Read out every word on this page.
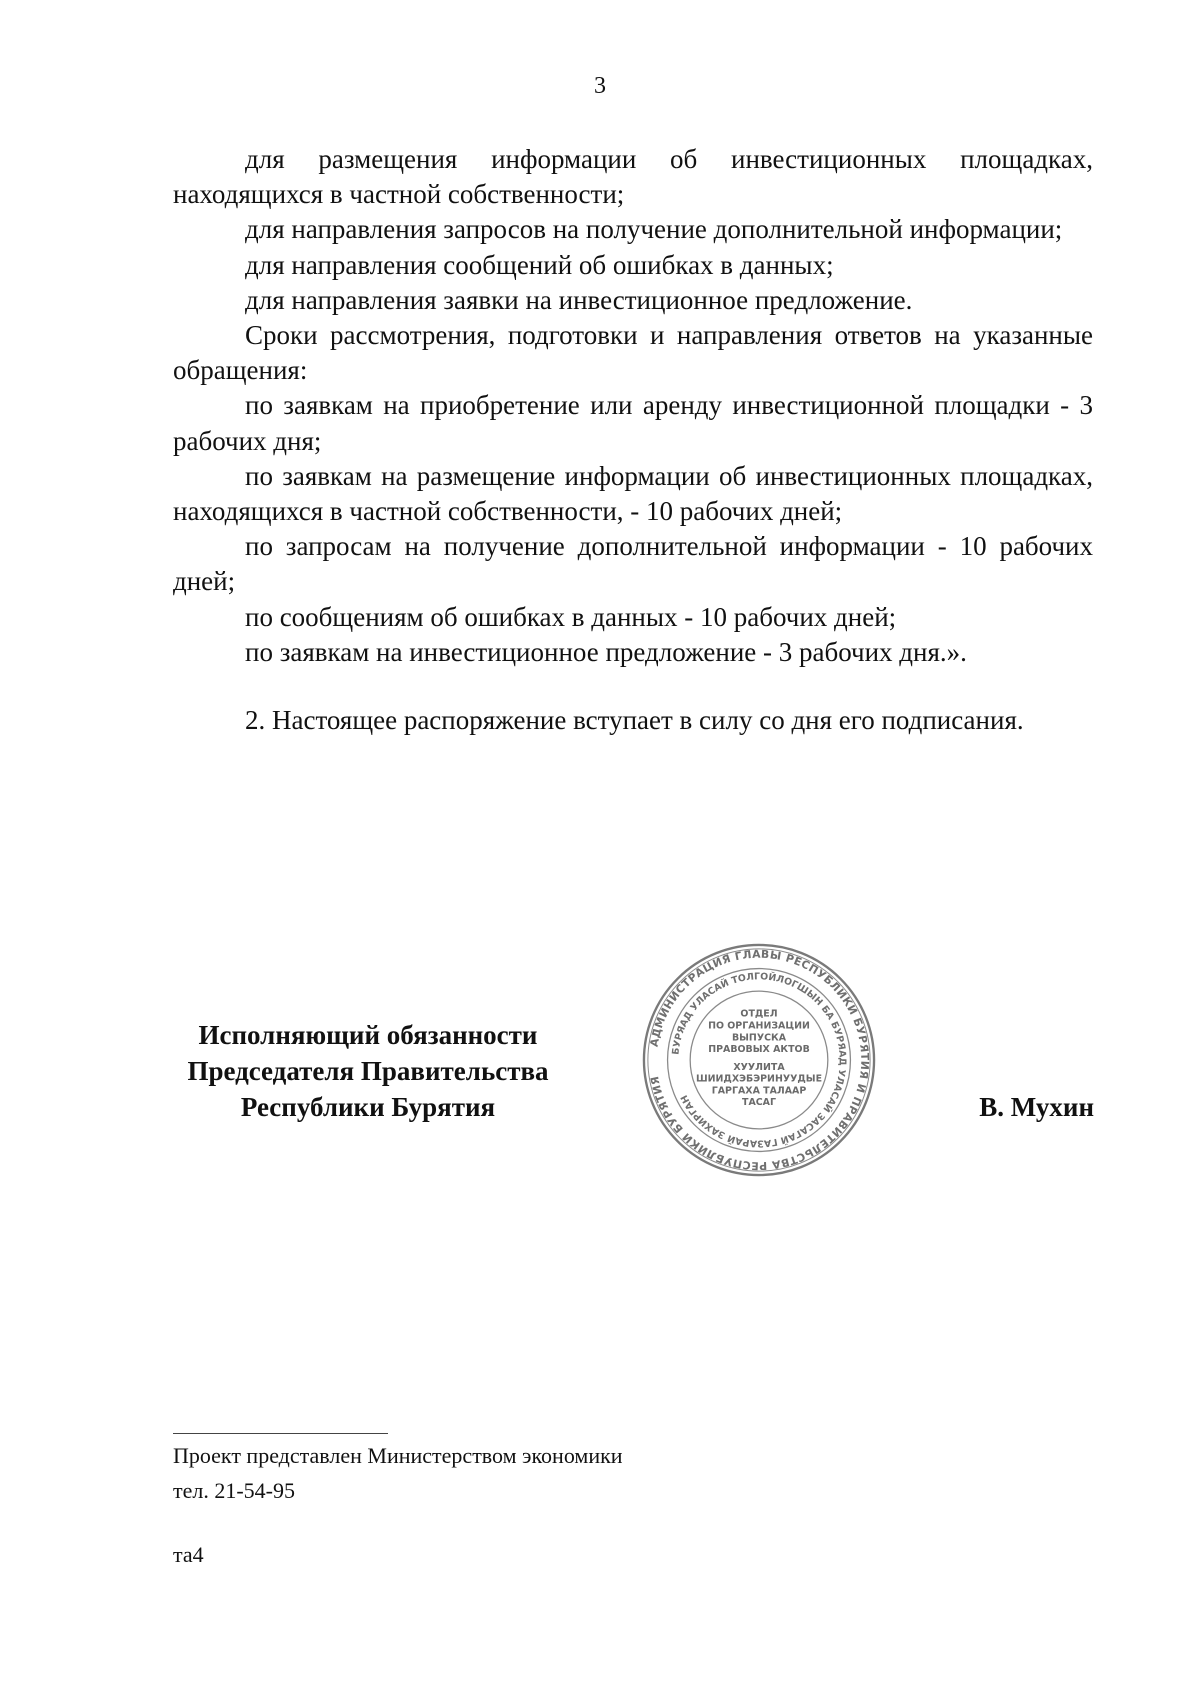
3

для размещения информации об инвестиционных площадках, находящихся в частной собственности;

для направления запросов на получение дополнительной информации;

для направления сообщений об ошибках в данных;

для направления заявки на инвестиционное предложение.

Сроки рассмотрения, подготовки и направления ответов на указанные обращения:

по заявкам на приобретение или аренду инвестиционной площадки - 3 рабочих дня;

по заявкам на размещение информации об инвестиционных площадках, находящихся в частной собственности, - 10 рабочих дней;

по запросам на получение дополнительной информации - 10 рабочих дней;

по сообщениям об ошибках в данных - 10 рабочих дней;

по заявкам на инвестиционное предложение - 3 рабочих дня.».

2. Настоящее распоряжение вступает в силу со дня его подписания.

Исполняющий обязанности
Председателя Правительства
Республики Бурятия
АДМИНИСТРАЦИЯ ГЛАВЫ РЕСПУБЛИКИ БУРЯТИЯ И ПРАВИТЕЛЬСТВА РЕСПУБЛИКИ БУРЯТИЯ
БУРЯАД УЛАСАЙ ТОЛГОЙЛОГШЫН БА БУРЯАД УЛАСАЙ ЗАСАГАЙ ГАЗАРАЙ ЗАХИРГАН
ОТДЕЛ
ПО ОРГАНИЗАЦИИ
ВЫПУСКА
ПРАВОВЫХ АКТОВ
ХУУЛИТА
ШИИДХЭБЭРИНУУДЫЕ
ГАРГАХА ТАЛААР
ТАСАГ	В. Мухин
Проект представлен Министерством экономики
тел. 21-54-95
та4
